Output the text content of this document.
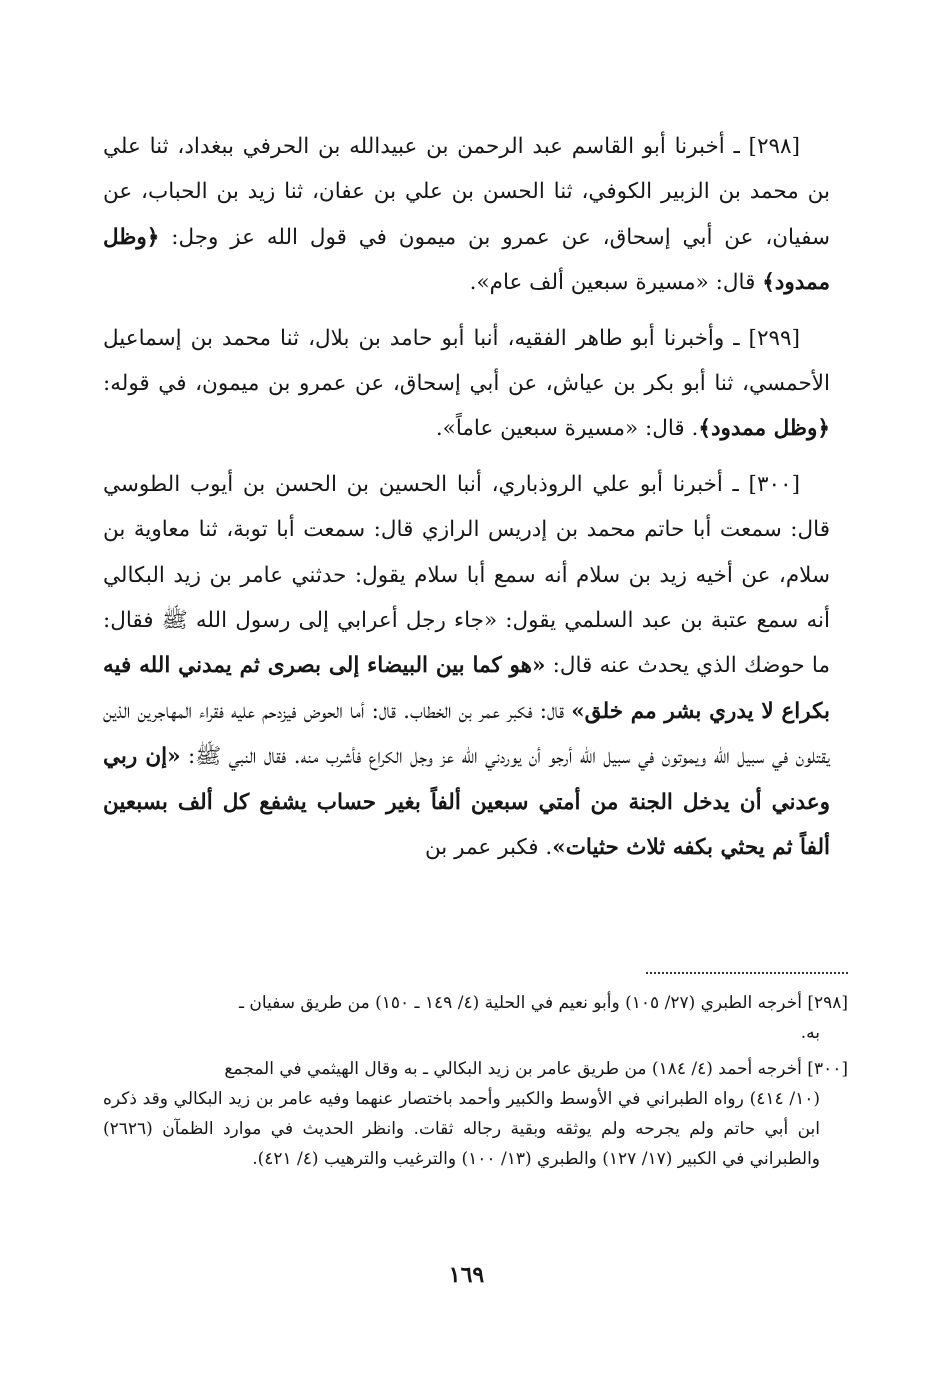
[٢٩٨] ـ أخبرنا أبو القاسم عبد الرحمن بن عبيدالله بن الحرفي ببغداد، ثنا علي بن محمد بن الزبير الكوفي، ثنا الحسن بن علي بن عفان، ثنا زيد بن الحباب، عن سفيان، عن أبي إسحاق، عن عمرو بن ميمون في قول الله عز وجل: ﴿وظل ممدود﴾ قال: «مسيرة سبعين ألف عام».

[٢٩٩] ـ وأخبرنا أبو طاهر الفقيه، أنبا أبو حامد بن بلال، ثنا محمد بن إسماعيل الأحمسي، ثنا أبو بكر بن عياش، عن أبي إسحاق، عن عمرو بن ميمون، في قوله: ﴿وظل ممدود﴾. قال: «مسيرة سبعين عاماً».

[٣٠٠] ـ أخبرنا أبو علي الروذباري، أنبا الحسين بن الحسن بن أيوب الطوسي قال: سمعت أبا حاتم محمد بن إدريس الرازي قال: سمعت أبا توبة، ثنا معاوية بن سلام، عن أخيه زيد بن سلام أنه سمع أبا سلام يقول: حدثني عامر بن زيد البكالي أنه سمع عتبة بن عبد السلمي يقول: «جاء رجل أعرابي إلى رسول الله ﷺ فقال: ما حوضك الذي يحدث عنه قال: «هو كما بين البيضاء إلى بصرى ثم يمدني الله فيه بكراع لا يدري بشر مم خلق» قال: فكبر عمر بن الخطاب. قال: أما الحوض فيزدحم عليه فقراء المهاجرين الذين يقتلون في سبيل الله ويموتون في سبيل الله أرجو أن يوردني الله عز وجل الكراع فأشرب منه. فقال النبي ﷺ: «إن ربي وعدني أن يدخل الجنة من أمتي سبعين ألفاً بغير حساب يشفع كل ألف بسبعين ألفاً ثم يحثي بكفه ثلاث حثيات». فكبر عمر بن

[٢٩٨] أخرجه الطبري (٢٧/ ١٠٥) وأبو نعيم في الحلية (٤/ ١٤٩ ـ ١٥٠) من طريق سفيان ـ
به.
[٣٠٠] أخرجه أحمد (٤/ ١٨٤) من طريق عامر بن زيد البكالي ـ به وقال الهيثمي في المجمع
(١٠/ ٤١٤) رواه الطبراني في الأوسط والكبير وأحمد باختصار عنهما وفيه عامر بن زيد البكالي وقد ذكره ابن أبي حاتم ولم يجرحه ولم يوثقه وبقية رجاله ثقات. وانظر الحديث في موارد الظمآن (٢٦٢٦) والطبراني في الكبير (١٧/ ١٢٧) والطبري (١٣/ ١٠٠) والترغيب والترهيب (٤/ ٤٢١).
١٦٩
